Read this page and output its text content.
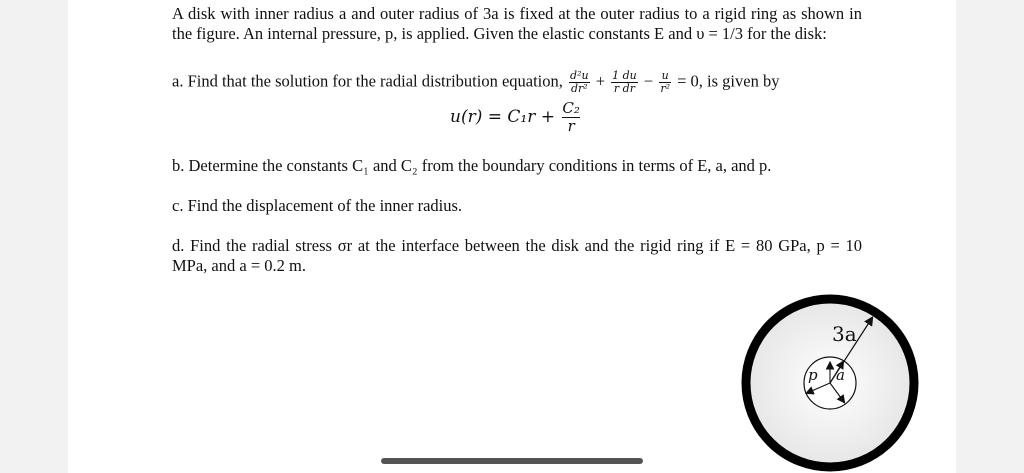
A disk with inner radius a and outer radius of 3a is fixed at the outer radius to a rigid ring as shown in the figure. An internal pressure, p, is applied. Given the elastic constants E and υ = 1/3 for the disk:

a. Find that the solution for the radial distribution equation, $\frac{\text{d²u}}{\text{dr²}} + \frac{1 du}{\text{r dr}} - \frac{u}{\text{r²}} = 0$, is given by
$u(r) = C_1r + \frac{\text{C₂}}{r}$

b. Determine the constants C₁ and C₂ from the boundary conditions in terms of E, a, and p.

c. Find the displacement of the inner radius.

d. Find the radial stress σr at the interface between the disk and the rigid ring if E = 80 GPa, p = 10 MPa, and a = 0.2 m.

3a
p a
